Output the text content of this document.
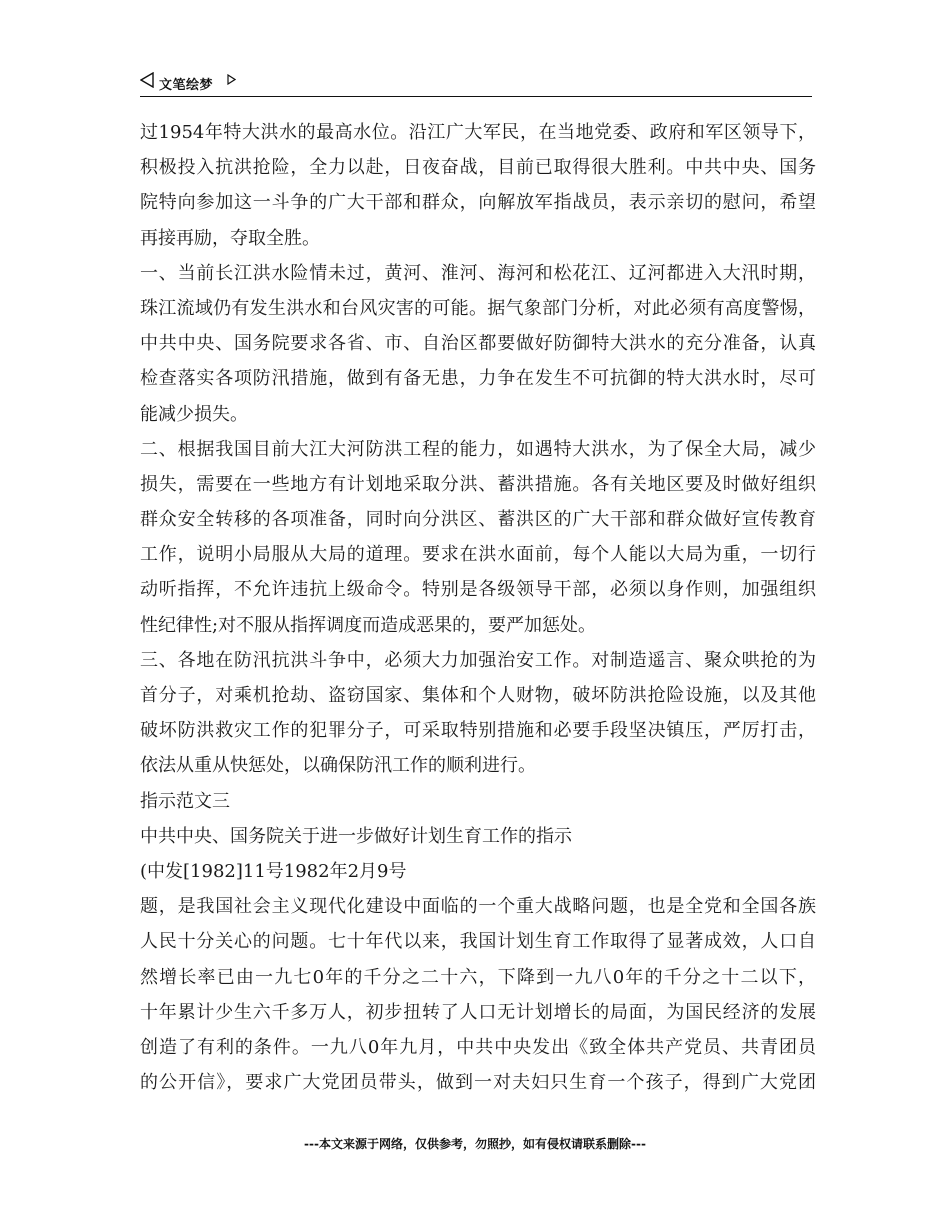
文笔绘梦
过1954年特大洪水的最高水位。沿江广大军民，在当地党委、政府和军区领导下，
积极投入抗洪抢险，全力以赴，日夜奋战，目前已取得很大胜利。中共中央、国务
院特向参加这一斗争的广大干部和群众，向解放军指战员，表示亲切的慰问，希望
再接再励，夺取全胜。
一、当前长江洪水险情未过，黄河、淮河、海河和松花江、辽河都进入大汛时期，
珠江流域仍有发生洪水和台风灾害的可能。据气象部门分析，对此必须有高度警惕，
中共中央、国务院要求各省、市、自治区都要做好防御特大洪水的充分准备，认真
检查落实各项防汛措施，做到有备无患，力争在发生不可抗御的特大洪水时，尽可
能减少损失。
二、根据我国目前大江大河防洪工程的能力，如遇特大洪水，为了保全大局，减少
损失，需要在一些地方有计划地采取分洪、蓄洪措施。各有关地区要及时做好组织
群众安全转移的各项准备，同时向分洪区、蓄洪区的广大干部和群众做好宣传教育
工作，说明小局服从大局的道理。要求在洪水面前，每个人能以大局为重，一切行
动听指挥，不允许违抗上级命令。特别是各级领导干部，必须以身作则，加强组织
性纪律性;对不服从指挥调度而造成恶果的，要严加惩处。
三、各地在防汛抗洪斗争中，必须大力加强治安工作。对制造遥言、聚众哄抢的为
首分子，对乘机抢劫、盗窃国家、集体和个人财物，破坏防洪抢险设施，以及其他
破坏防洪救灾工作的犯罪分子，可采取特别措施和必要手段坚决镇压，严厉打击，
依法从重从快惩处，以确保防汛工作的顺利进行。
指示范文三
中共中央、国务院关于进一步做好计划生育工作的指示
(中发[1982]11号1982年2月9号
题，是我国社会主义现代化建设中面临的一个重大战略问题，也是全党和全国各族
人民十分关心的问题。七十年代以来，我国计划生育工作取得了显著成效，人口自
然增长率已由一九七0年的千分之二十六，下降到一九八0年的千分之十二以下，
十年累计少生六千多万人，初步扭转了人口无计划增长的局面，为国民经济的发展
创造了有利的条件。一九八0年九月，中共中央发出《致全体共产党员、共青团员
的公开信》，要求广大党团员带头，做到一对夫妇只生育一个孩子，得到广大党团
---本文来源于网络，仅供参考，勿照抄，如有侵权请联系删除---
